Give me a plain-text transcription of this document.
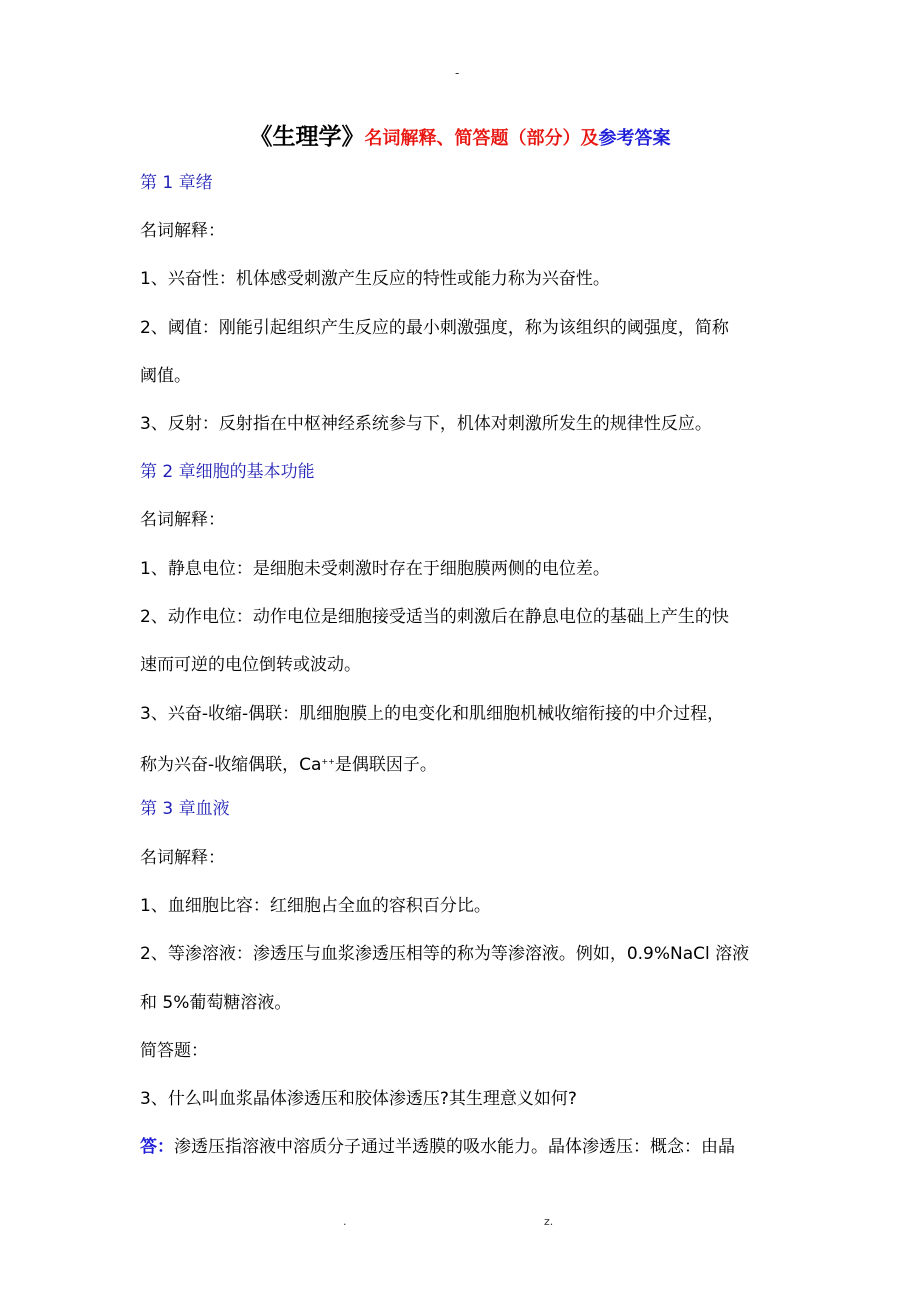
-
《生理学》名词解释、简答题（部分）及参考答案
第 1 章绪
名词解释：
1、兴奋性：机体感受刺激产生反应的特性或能力称为兴奋性。
2、阈值：刚能引起组织产生反应的最小刺激强度，称为该组织的阈强度，简称
阈值。
3、反射：反射指在中枢神经系统参与下，机体对刺激所发生的规律性反应。
第 2 章细胞的基本功能
名词解释：
1、静息电位：是细胞未受刺激时存在于细胞膜两侧的电位差。
2、动作电位：动作电位是细胞接受适当的刺激后在静息电位的基础上产生的快
速而可逆的电位倒转或波动。
3、兴奋-收缩-偶联：肌细胞膜上的电变化和肌细胞机械收缩衔接的中介过程，
称为兴奋-收缩偶联，Ca++是偶联因子。
第 3 章血液
名词解释：
1、血细胞比容：红细胞占全血的容积百分比。
2、等渗溶液：渗透压与血浆渗透压相等的称为等渗溶液。例如，0.9%NaCl 溶液
和 5%葡萄糖溶液。
简答题：
3、什么叫血浆晶体渗透压和胶体渗透压?其生理意义如何?
答：渗透压指溶液中溶质分子通过半透膜的吸水能力。晶体渗透压：概念：由晶
.	z.
